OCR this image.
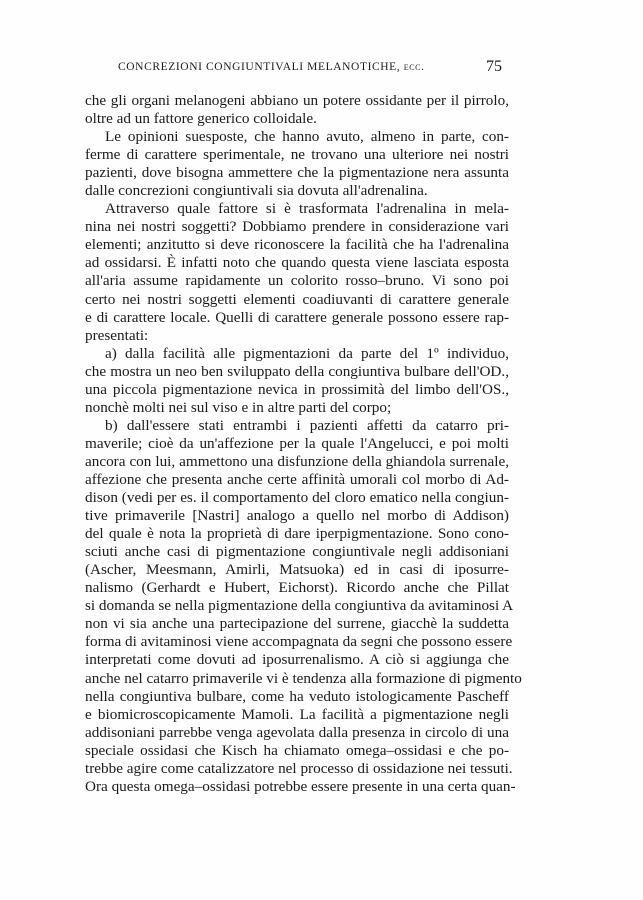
CONCREZIONI CONGIUNTIVALI MELANOTICHE, ecc.	75
che gli organi melanogeni abbiano un potere ossidante per il pirrolo,
oltre ad un fattore generico colloidale.
Le opinioni suesposte, che hanno avuto, almeno in parte, con-
ferme di carattere sperimentale, ne trovano una ulteriore nei nostri
pazienti, dove bisogna ammettere che la pigmentazione nera assunta
dalle concrezioni congiuntivali sia dovuta all'adrenalina.
Attraverso quale fattore si è trasformata l'adrenalina in mela-
nina nei nostri soggetti? Dobbiamo prendere in considerazione vari
elementi; anzitutto si deve riconoscere la facilità che ha l'adrenalina
ad ossidarsi. È infatti noto che quando questa viene lasciata esposta
all'aria assume rapidamente un colorito rosso–bruno. Vi sono poi
certo nei nostri soggetti elementi coadiuvanti di carattere generale
e di carattere locale. Quelli di carattere generale possono essere rap-
presentati:
a) dalla facilità alle pigmentazioni da parte del 1º individuo,
che mostra un neo ben sviluppato della congiuntiva bulbare dell'OD.,
una piccola pigmentazione nevica in prossimità del limbo dell'OS.,
nonchè molti nei sul viso e in altre parti del corpo;
b) dall'essere stati entrambi i pazienti affetti da catarro pri-
maverile; cioè da un'affezione per la quale l'Angelucci, e poi molti
ancora con lui, ammettono una disfunzione della ghiandola surrenale,
affezione che presenta anche certe affinità umorali col morbo di Ad-
dison (vedi per es. il comportamento del cloro ematico nella congiun-
tive primaverile [Nastri] analogo a quello nel morbo di Addison)
del quale è nota la proprietà di dare iperpigmentazione. Sono cono-
sciuti anche casi di pigmentazione congiuntivale negli addisoniani
(Ascher, Meesmann, Amirli, Matsuoka) ed in casi di iposurre-
nalismo (Gerhardt e Hubert, Eichorst). Ricordo anche che Pillat
si domanda se nella pigmentazione della congiuntiva da avitaminosi A
non vi sia anche una partecipazione del surrene, giacchè la suddetta
forma di avitaminosi viene accompagnata da segni che possono essere
interpretati come dovuti ad iposurrenalismo. A ciò si aggiunga che
anche nel catarro primaverile vi è tendenza alla formazione di pigmento
nella congiuntiva bulbare, come ha veduto istologicamente Pascheff
e biomicroscopicamente Mamoli. La facilità a pigmentazione negli
addisoniani parrebbe venga agevolata dalla presenza in circolo di una
speciale ossidasi che Kisch ha chiamato omega–ossidasi e che po-
trebbe agire come catalizzatore nel processo di ossidazione nei tessuti.
Ora questa omega–ossidasi potrebbe essere presente in una certa quan-
